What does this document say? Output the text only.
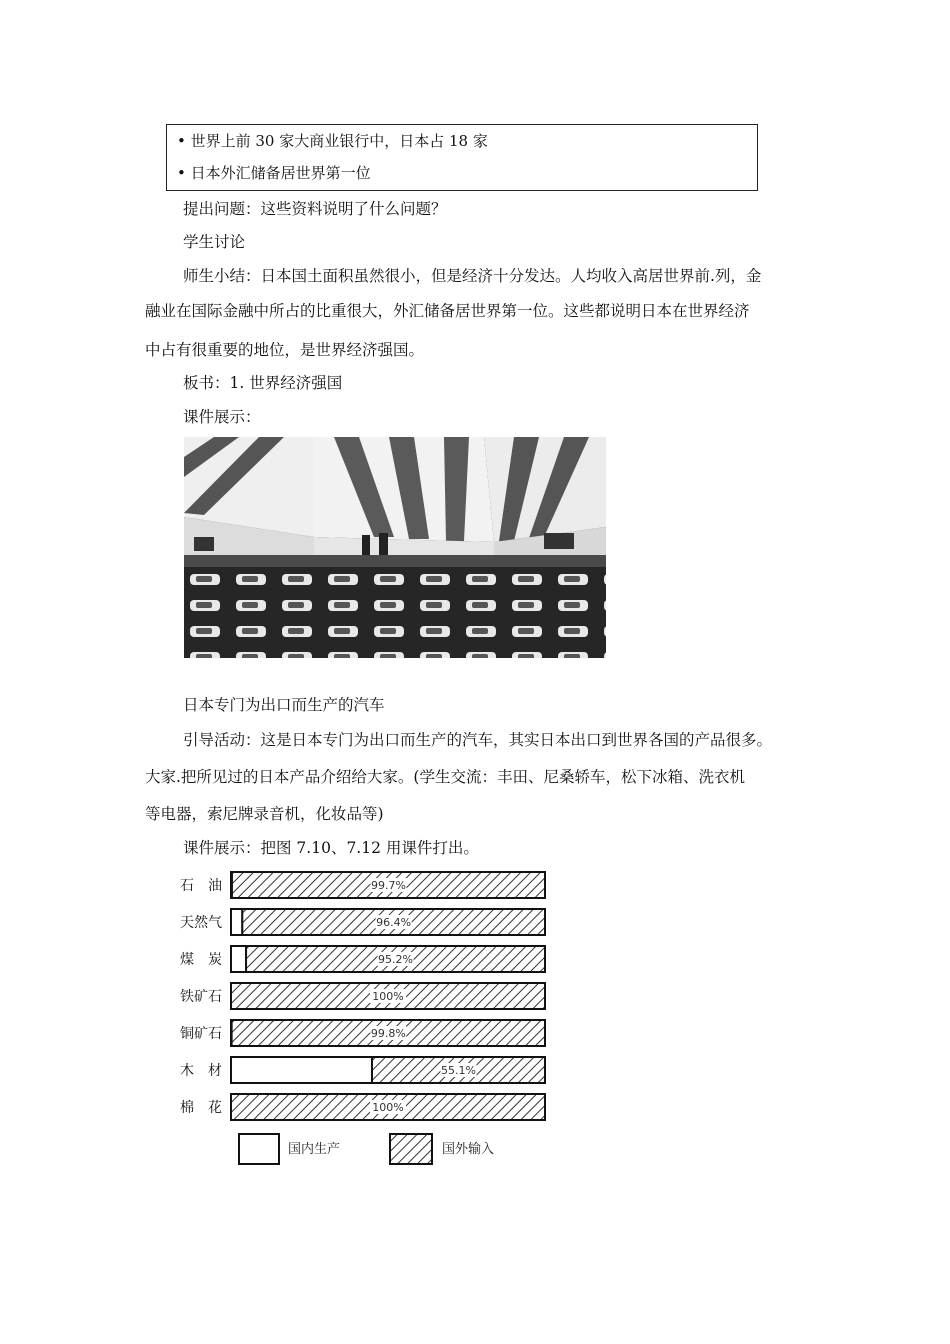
• 世界上前 30 家大商业银行中，日本占 18 家
• 日本外汇储备居世界第一位
提出问题：这些资料说明了什么问题？
学生讨论
师生小结：日本国土面积虽然很小，但是经济十分发达。人均收入高居世界前.列，金
融业在国际金融中所占的比重很大，外汇储备居世界第一位。这些都说明日本在世界经济
中占有很重要的地位，是世界经济强国。
板书：1. 世界经济强国
课件展示：
日本专门为出口而生产的汽车
引导活动：这是日本专门为出口而生产的汽车，其实日本出口到世界各国的产品很多。
大家.把所见过的日本产品介绍给大家。(学生交流：丰田、尼桑轿车，松下冰箱、洗衣机
等电器，索尼牌录音机，化妆品等)
课件展示：把图 7.10、7.12 用课件打出。
石　油	99.7%
天然气	96.4%
煤　炭	95.2%
铁矿石	100%
铜矿石	99.8%
木　材	55.1%
棉　花	100%
国内生产	国外输入
